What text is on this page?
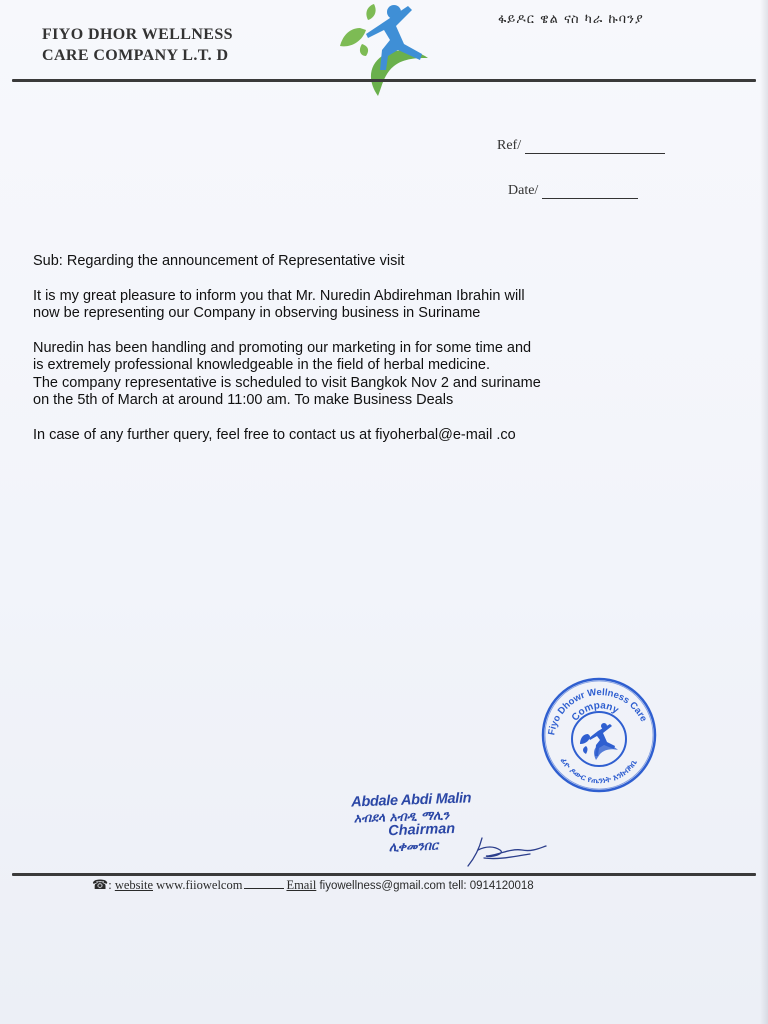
FIYO DHOR WELLNESS
CARE COMPANY L.T. D
ፋይዶር ዌል ናስ ካራ ኩባንያ
Ref/
Date/

Sub: Regarding the announcement of Representative visit

It is my great pleasure to inform you that Mr. Nuredin Abdirehman Ibrahin will
now be representing our Company in observing business in Suriname

Nuredin has been handling and promoting our marketing in for some time and
is extremely professional knowledgeable in the field of herbal medicine.
The company representative is scheduled to visit Bangkok Nov 2 and suriname
on the 5th of March at around 11:00 am. To make Business Deals

In case of any further query, feel free to contact us at fiyoherbal@e-mail .co

Fiyo Dhowr Wellness Care
Company
ፊዮ ዶውር የጤንነት እንክብካቤ
Abdale Abdi Malin
አብደላ አብዲ ማሊን
Chairman
ሊቀመንበር
☎ : website
www.fiiowelcom	Email
fiyowellness@gmail.com
tell: 0914120018
